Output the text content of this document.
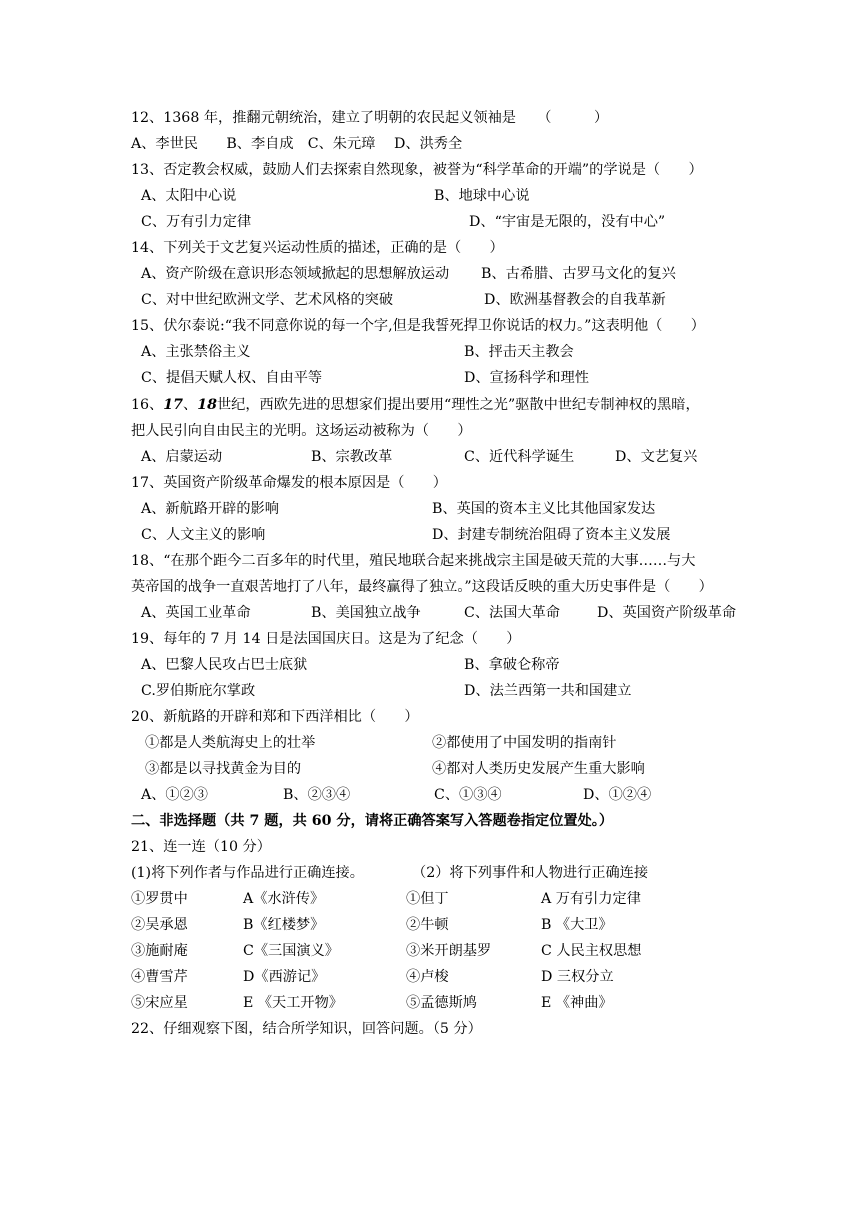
12、1368 年，推翻元朝统治，建立了明朝的农民起义领袖是　　（　　　）
A、李世民　　B、李自成　C、朱元璋　 D、洪秀全
13、否定教会权威，鼓励人们去探索自然现象，被誉为“科学革命的开端”的学说是（　　）
A、太阳中心说	B、地球中心说
C、万有引力定律	D、“宇宙是无限的，没有中心”
14、下列关于文艺复兴运动性质的描述，正确的是（　　）
A、资产阶级在意识形态领域掀起的思想解放运动 B、古希腊、古罗马文化的复兴
C、对中世纪欧洲文学、艺术风格的突破	D、欧洲基督教会的自我革新
15、伏尔泰说:“我不同意你说的每一个字,但是我誓死捍卫你说话的权力。”这表明他（　　）
A、主张禁俗主义	B、抨击天主教会
C、提倡天赋人权、自由平等	D、宣扬科学和理性
16、17、18世纪，西欧先进的思想家们提出要用“理性之光”驱散中世纪专制神权的黑暗，
把人民引向自由民主的光明。这场运动被称为（　　）
A、启蒙运动	B、宗教改革	C、近代科学诞生	D、文艺复兴
17、英国资产阶级革命爆发的根本原因是（　　）
A、新航路开辟的影响	B、英国的资本主义比其他国家发达
C、人文主义的影响	D、封建专制统治阻碍了资本主义发展
18、“在那个距今二百多年的时代里，殖民地联合起来挑战宗主国是破天荒的大事……与大
英帝国的战争一直艰苦地打了八年，最终赢得了独立。”这段话反映的重大历史事件是（　　）
A、英国工业革命	B、美国独立战争	C、法国大革命	D、英国资产阶级革命
19、每年的 7 月 14 日是法国国庆日。这是为了纪念（　　）
A、巴黎人民攻占巴士底狱	B、拿破仑称帝
C.罗伯斯庇尔掌政	D、法兰西第一共和国建立
20、新航路的开辟和郑和下西洋相比（　　）
①都是人类航海史上的壮举	②都使用了中国发明的指南针
③都是以寻找黄金为目的	④都对人类历史发展产生重大影响
A、①②③	B、②③④	C、①③④	D、①②④
二、非选择题（共 7 题，共 60 分，请将正确答案写入答题卷指定位置处。）
21、连一连（10 分）
(1)将下列作者与作品进行正确连接。	（2）将下列事件和人物进行正确连接
①罗贯中	A《水浒传》	①但丁	A 万有引力定律
②吴承恩	B《红楼梦》	②牛顿	B 《大卫》
③施耐庵	C《三国演义》	③米开朗基罗	C 人民主权思想
④曹雪芹	D《西游记》	④卢梭	D 三权分立
⑤宋应星	E 《天工开物》	⑤孟德斯鸠	E 《神曲》
22、仔细观察下图，结合所学知识，回答问题。（5 分）
